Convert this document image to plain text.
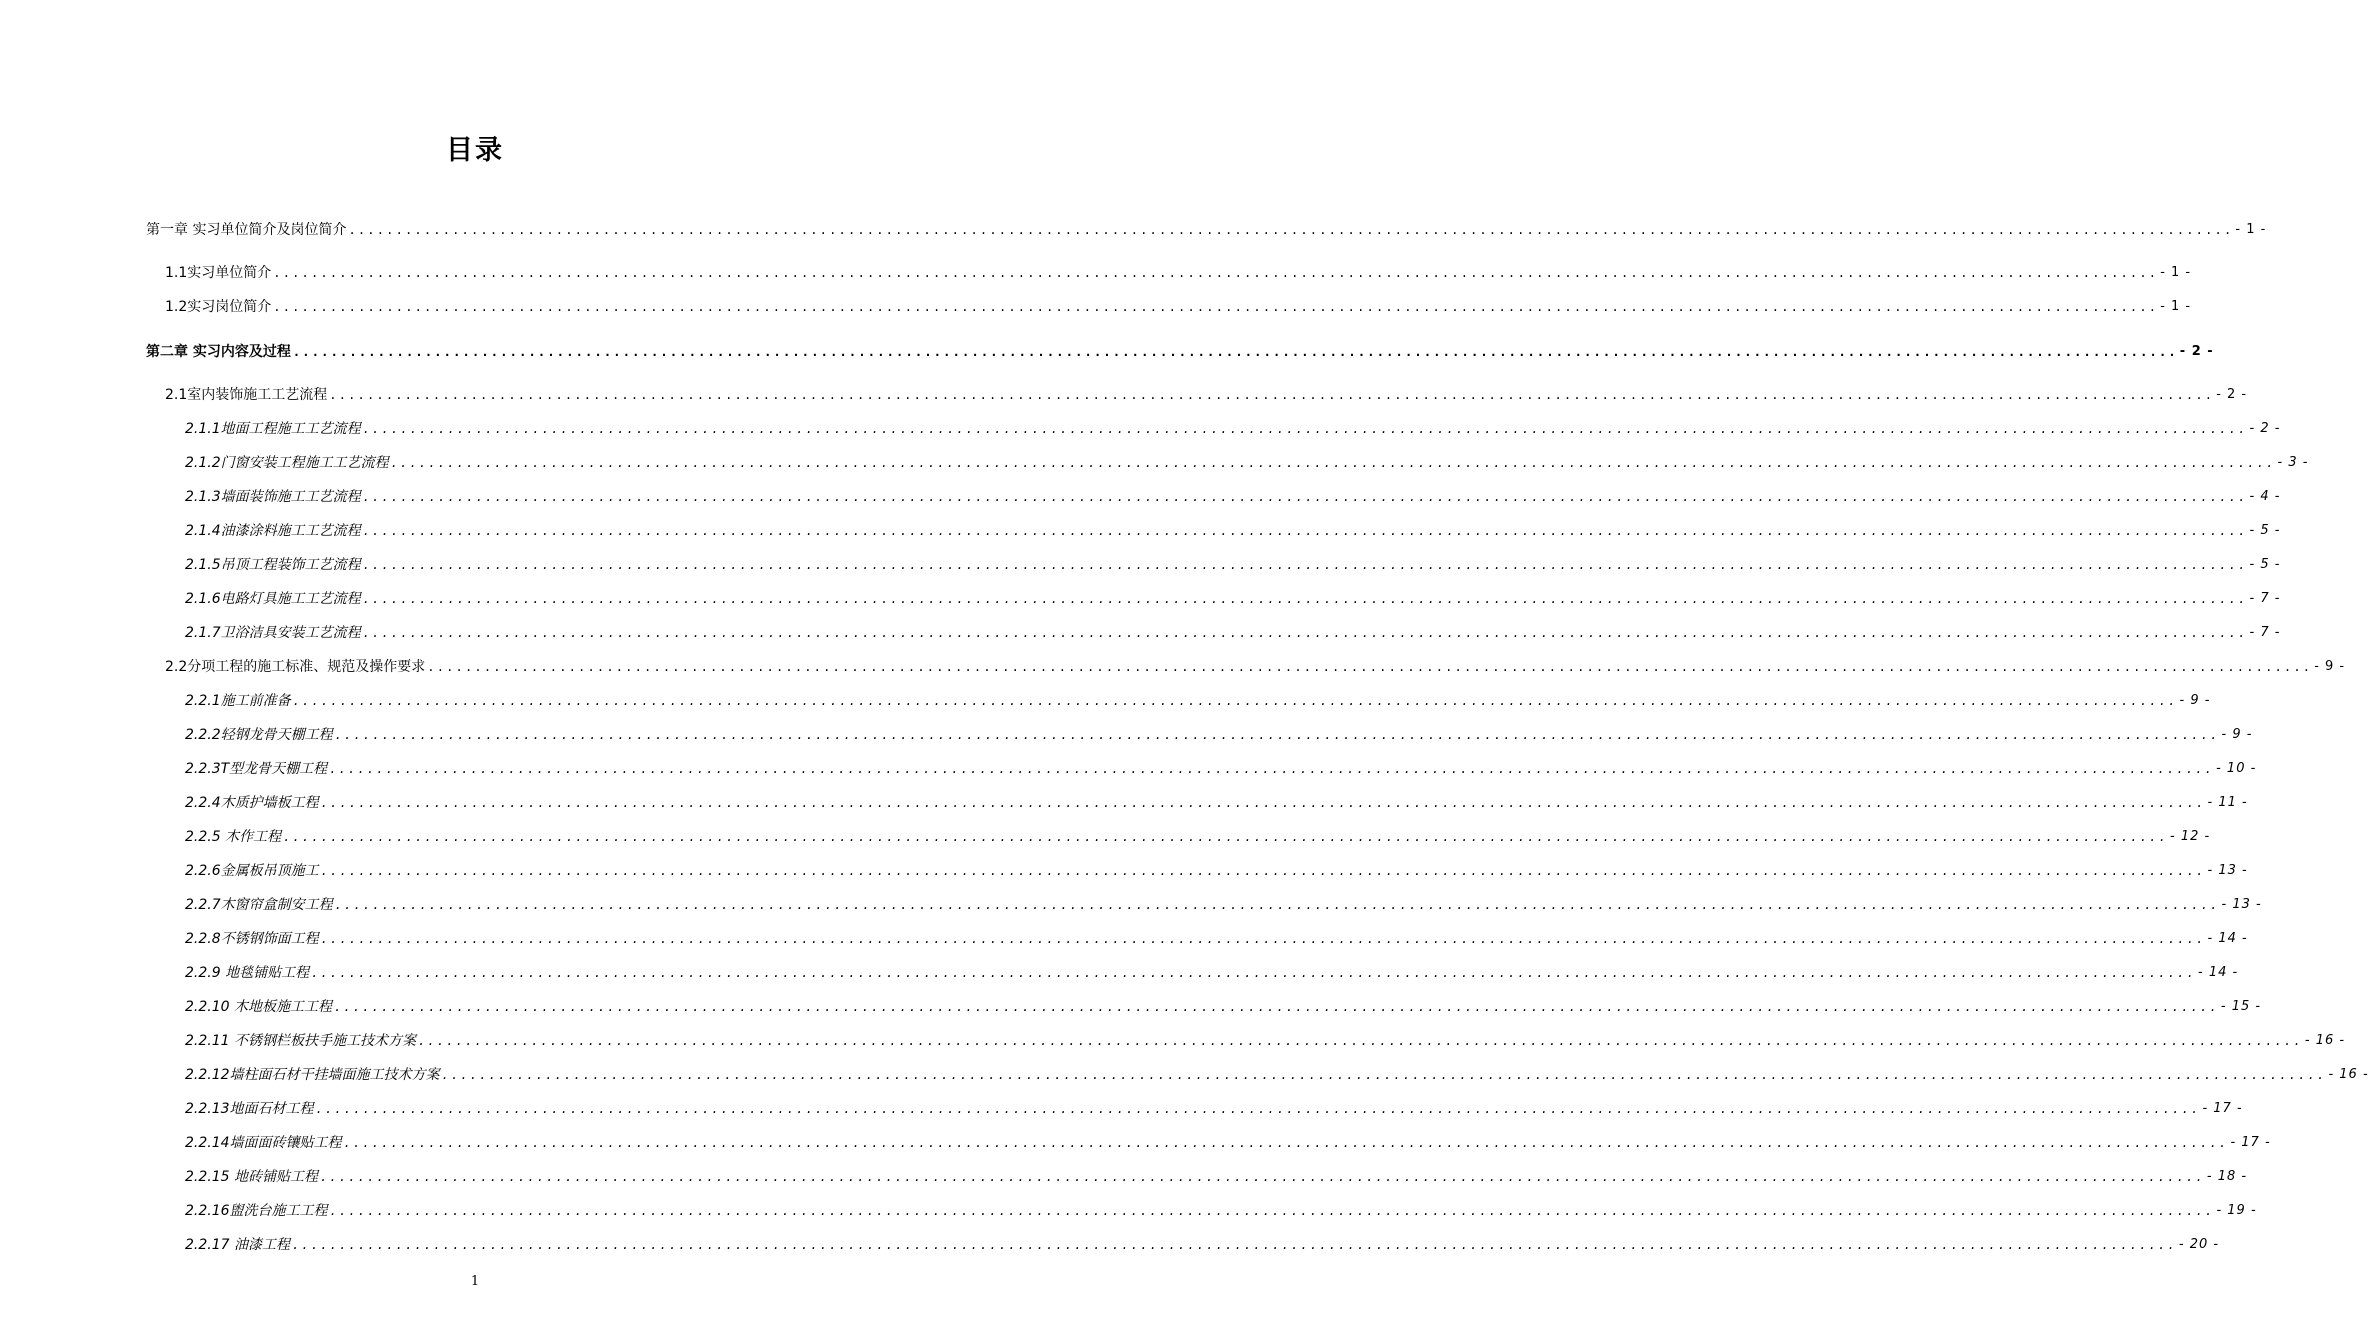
目录
第一章 实习单位简介及岗位简介 ........................................................................................................................................................................................................ - 1 -
1.1实习单位简介 ........................................................................................................................................................................................................ - 1 -
1.2实习岗位简介 ........................................................................................................................................................................................................ - 1 -
第二章 实习内容及过程 ........................................................................................................................................................................................................ - 2 -
2.1室内装饰施工工艺流程 ........................................................................................................................................................................................................ - 2 -
2.1.1地面工程施工工艺流程 ........................................................................................................................................................................................................ - 2 -
2.1.2门窗安装工程施工工艺流程 ........................................................................................................................................................................................................ - 3 -
2.1.3墙面装饰施工工艺流程 ........................................................................................................................................................................................................ - 4 -
2.1.4油漆涂料施工工艺流程 ........................................................................................................................................................................................................ - 5 -
2.1.5吊顶工程装饰工艺流程 ........................................................................................................................................................................................................ - 5 -
2.1.6电路灯具施工工艺流程 ........................................................................................................................................................................................................ - 7 -
2.1.7卫浴洁具安装工艺流程 ........................................................................................................................................................................................................ - 7 -
2.2分项工程的施工标准、规范及操作要求 ........................................................................................................................................................................................................ - 9 -
2.2.1施工前准备 ........................................................................................................................................................................................................ - 9 -
2.2.2轻钢龙骨天棚工程 ........................................................................................................................................................................................................ - 9 -
2.2.3T型龙骨天棚工程 ........................................................................................................................................................................................................ - 10 -
2.2.4木质护墙板工程 ........................................................................................................................................................................................................ - 11 -
2.2.5 木作工程 ........................................................................................................................................................................................................ - 12 -
2.2.6金属板吊顶施工 ........................................................................................................................................................................................................ - 13 -
2.2.7木窗帘盒制安工程 ........................................................................................................................................................................................................ - 13 -
2.2.8不锈钢饰面工程 ........................................................................................................................................................................................................ - 14 -
2.2.9 地毯铺贴工程 ........................................................................................................................................................................................................ - 14 -
2.2.10 木地板施工工程 ........................................................................................................................................................................................................ - 15 -
2.2.11 不锈钢栏板扶手施工技术方案 ........................................................................................................................................................................................................ - 16 -
2.2.12墙柱面石材干挂墙面施工技术方案 ........................................................................................................................................................................................................ - 16 -
2.2.13地面石材工程 ........................................................................................................................................................................................................ - 17 -
2.2.14墙面面砖镶贴工程 ........................................................................................................................................................................................................ - 17 -
2.2.15 地砖铺贴工程 ........................................................................................................................................................................................................ - 18 -
2.2.16盥洗台施工工程 ........................................................................................................................................................................................................ - 19 -
2.2.17 油漆工程 ........................................................................................................................................................................................................ - 20 -
1
